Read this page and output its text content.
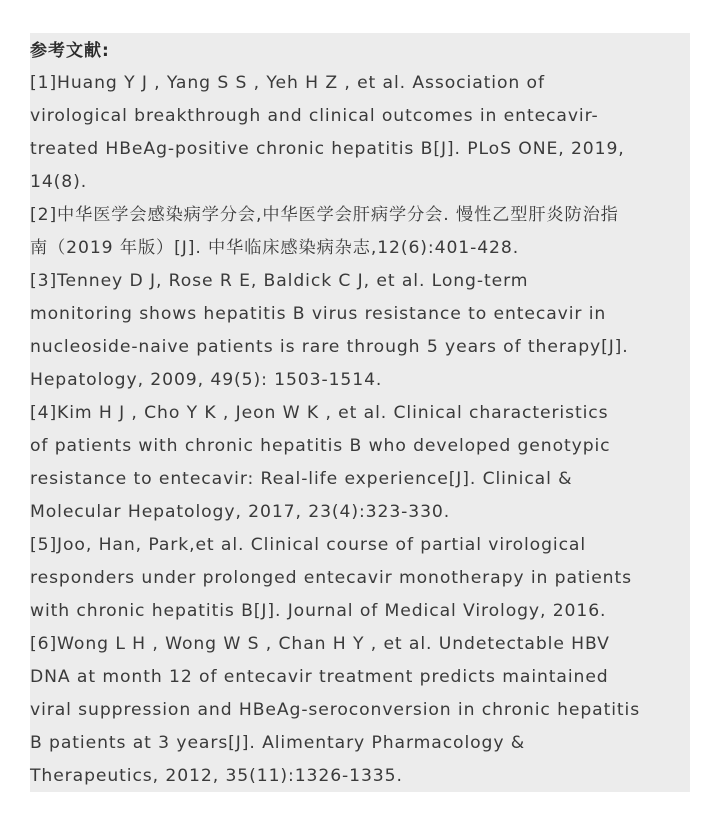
参考文献:
[1]Huang Y J , Yang S S , Yeh H Z , et al. Association of
virological breakthrough and clinical outcomes in entecavir-
treated HBeAg-positive chronic hepatitis B[J]. PLoS ONE, 2019,
14(8).
[2]中华医学会感染病学分会,中华医学会肝病学分会. 慢性乙型肝炎防治指
南（2019 年版）[J]. 中华临床感染病杂志,12(6):401-428.
[3]Tenney D J, Rose R E, Baldick C J, et al. Long-term
monitoring shows hepatitis B virus resistance to entecavir in
nucleoside-naive patients is rare through 5 years of therapy[J].
Hepatology, 2009, 49(5): 1503-1514.
[4]Kim H J , Cho Y K , Jeon W K , et al. Clinical characteristics
of patients with chronic hepatitis B who developed genotypic
resistance to entecavir: Real-life experience[J]. Clinical &
Molecular Hepatology, 2017, 23(4):323-330.
[5]Joo, Han, Park,et al. Clinical course of partial virological
responders under prolonged entecavir monotherapy in patients
with chronic hepatitis B[J]. Journal of Medical Virology, 2016.
[6]Wong L H , Wong W S , Chan H Y , et al. Undetectable HBV
DNA at month 12 of entecavir treatment predicts maintained
viral suppression and HBeAg-seroconversion in chronic hepatitis
B patients at 3 years[J]. Alimentary Pharmacology &
Therapeutics, 2012, 35(11):1326-1335.
